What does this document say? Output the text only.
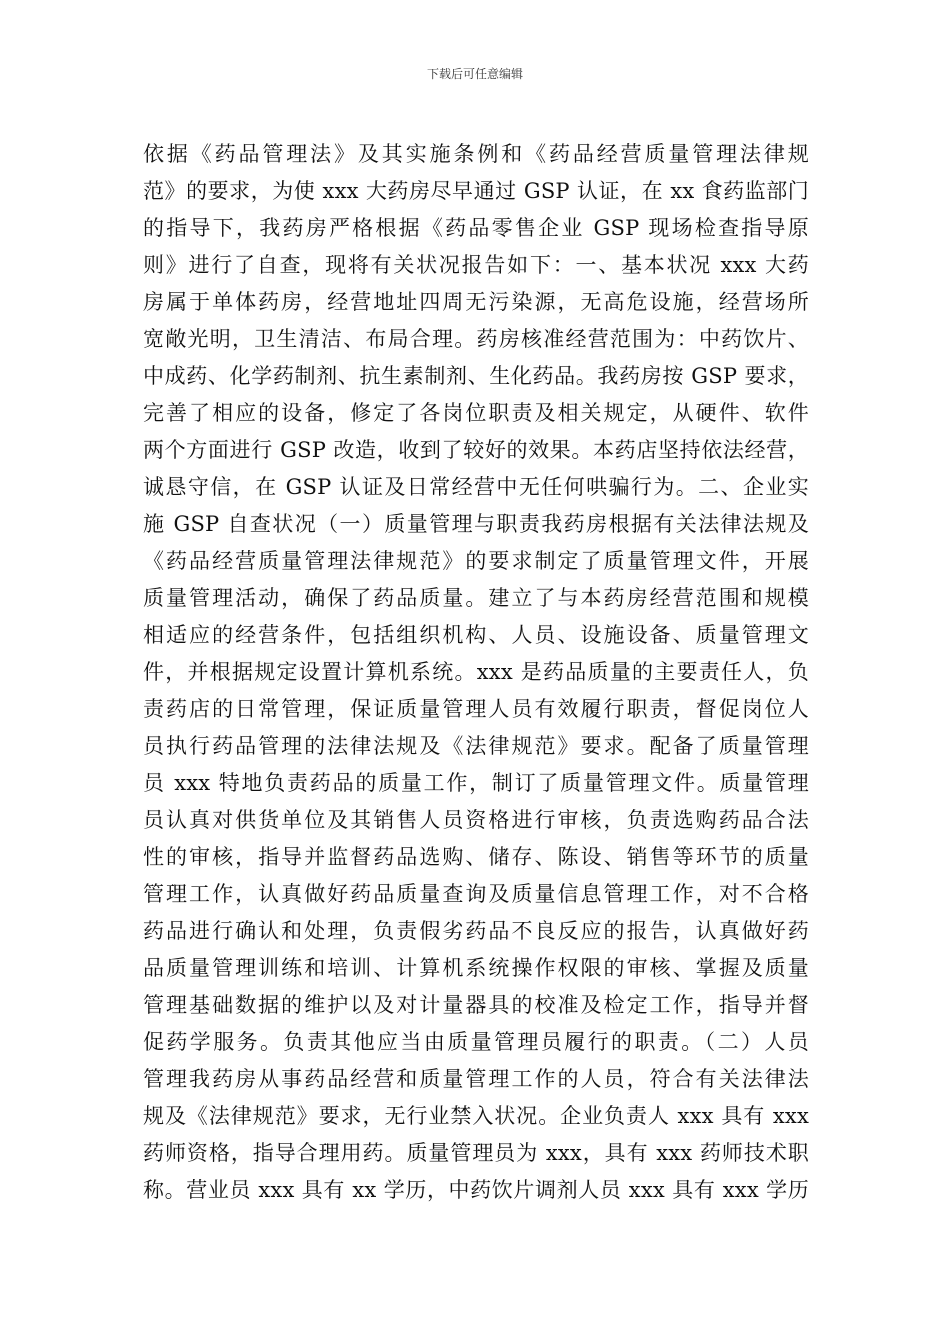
下载后可任意编辑
依据《药品管理法》及其实施条例和《药品经营质量管理法律规
范》的要求，为使 xxx 大药房尽早通过 GSP 认证，在 xx 食药监部门
的指导下，我药房严格根据《药品零售企业 GSP 现场检查指导原
则》进行了自查，现将有关状况报告如下：一、基本状况 xxx 大药
房属于单体药房，经营地址四周无污染源，无高危设施，经营场所
宽敞光明，卫生清洁、布局合理。药房核准经营范围为：中药饮片、
中成药、化学药制剂、抗生素制剂、生化药品。我药房按 GSP 要求，
完善了相应的设备，修定了各岗位职责及相关规定，从硬件、软件
两个方面进行 GSP 改造，收到了较好的效果。本药店坚持依法经营，
诚恳守信，在 GSP 认证及日常经营中无任何哄骗行为。二、企业实
施 GSP 自查状况（一）质量管理与职责我药房根据有关法律法规及
《药品经营质量管理法律规范》的要求制定了质量管理文件，开展
质量管理活动，确保了药品质量。建立了与本药房经营范围和规模
相适应的经营条件，包括组织机构、人员、设施设备、质量管理文
件，并根据规定设置计算机系统。xxx 是药品质量的主要责任人，负
责药店的日常管理，保证质量管理人员有效履行职责，督促岗位人
员执行药品管理的法律法规及《法律规范》要求。配备了质量管理
员 xxx 特地负责药品的质量工作，制订了质量管理文件。质量管理
员认真对供货单位及其销售人员资格进行审核，负责选购药品合法
性的审核，指导并监督药品选购、储存、陈设、销售等环节的质量
管理工作，认真做好药品质量查询及质量信息管理工作，对不合格
药品进行确认和处理，负责假劣药品不良反应的报告，认真做好药
品质量管理训练和培训、计算机系统操作权限的审核、掌握及质量
管理基础数据的维护以及对计量器具的校准及检定工作，指导并督
促药学服务。负责其他应当由质量管理员履行的职责。（二）人员
管理我药房从事药品经营和质量管理工作的人员，符合有关法律法
规及《法律规范》要求，无行业禁入状况。企业负责人 xxx 具有 xxx
药师资格，指导合理用药。质量管理员为 xxx，具有 xxx 药师技术职
称。营业员 xxx 具有 xx 学历，中药饮片调剂人员 xxx 具有 xxx 学历
